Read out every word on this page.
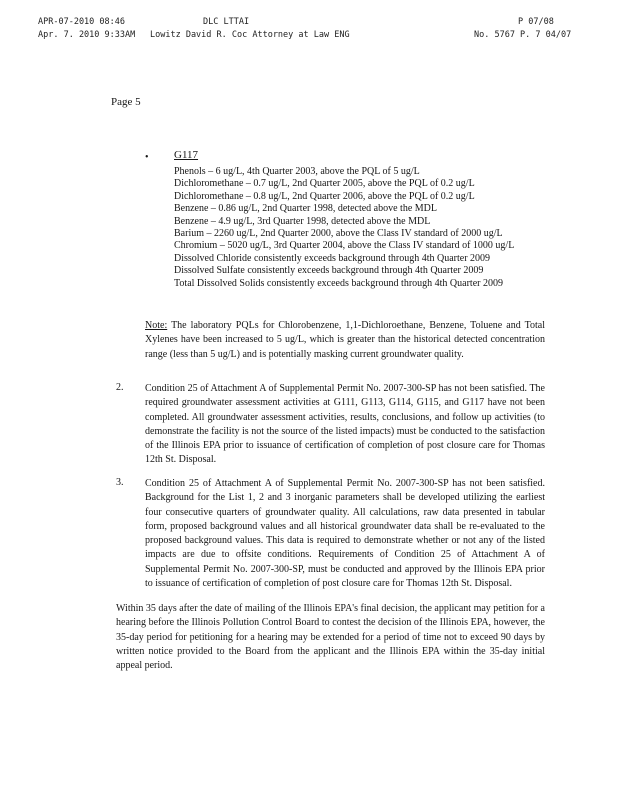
APR-07-2010 08:46	DLC LTTAI	P 07/08
Apr. 7. 2010 9:33AM Lowitz David R. Coc Attorney at Law ENG	No. 5767 P. 7 04/07
Page 5
• G117
Phenols – 6 ug/L, 4th Quarter 2003, above the PQL of 5 ug/L
Dichloromethane – 0.7 ug/L, 2nd Quarter 2005, above the PQL of 0.2 ug/L
Dichloromethane – 0.8 ug/L, 2nd Quarter 2006, above the PQL of 0.2 ug/L
Benzene – 0.86 ug/L, 2nd Quarter 1998, detected above the MDL
Benzene – 4.9 ug/L, 3rd Quarter 1998, detected above the MDL
Barium – 2260 ug/L, 2nd Quarter 2000, above the Class IV standard of 2000 ug/L
Chromium – 5020 ug/L, 3rd Quarter 2004, above the Class IV standard of 1000 ug/L
Dissolved Chloride consistently exceeds background through 4th Quarter 2009
Dissolved Sulfate consistently exceeds background through 4th Quarter 2009
Total Dissolved Solids consistently exceeds background through 4th Quarter 2009
Note: The laboratory PQLs for Chlorobenzene, 1,1-Dichloroethane, Benzene, Toluene and Total Xylenes have been increased to 5 ug/L, which is greater than the historical detected concentration range (less than 5 ug/L) and is potentially masking current groundwater quality.
2. Condition 25 of Attachment A of Supplemental Permit No. 2007-300-SP has not been satisfied. The required groundwater assessment activities at G111, G113, G114, G115, and G117 have not been completed. All groundwater assessment activities, results, conclusions, and follow up activities (to demonstrate the facility is not the source of the listed impacts) must be conducted to the satisfaction of the Illinois EPA prior to issuance of certification of completion of post closure care for Thomas 12th St. Disposal.
3. Condition 25 of Attachment A of Supplemental Permit No. 2007-300-SP has not been satisfied. Background for the List 1, 2 and 3 inorganic parameters shall be developed utilizing the earliest four consecutive quarters of groundwater quality. All calculations, raw data presented in tabular form, proposed background values and all historical groundwater data shall be re-evaluated to the proposed background values. This data is required to demonstrate whether or not any of the listed impacts are due to offsite conditions. Requirements of Condition 25 of Attachment A of Supplemental Permit No. 2007-300-SP, must be conducted and approved by the Illinois EPA prior to issuance of certification of completion of post closure care for Thomas 12th St. Disposal.
Within 35 days after the date of mailing of the Illinois EPA's final decision, the applicant may petition for a hearing before the Illinois Pollution Control Board to contest the decision of the Illinois EPA, however, the 35-day period for petitioning for a hearing may be extended for a period of time not to exceed 90 days by written notice provided to the Board from the applicant and the Illinois EPA within the 35-day initial appeal period.
